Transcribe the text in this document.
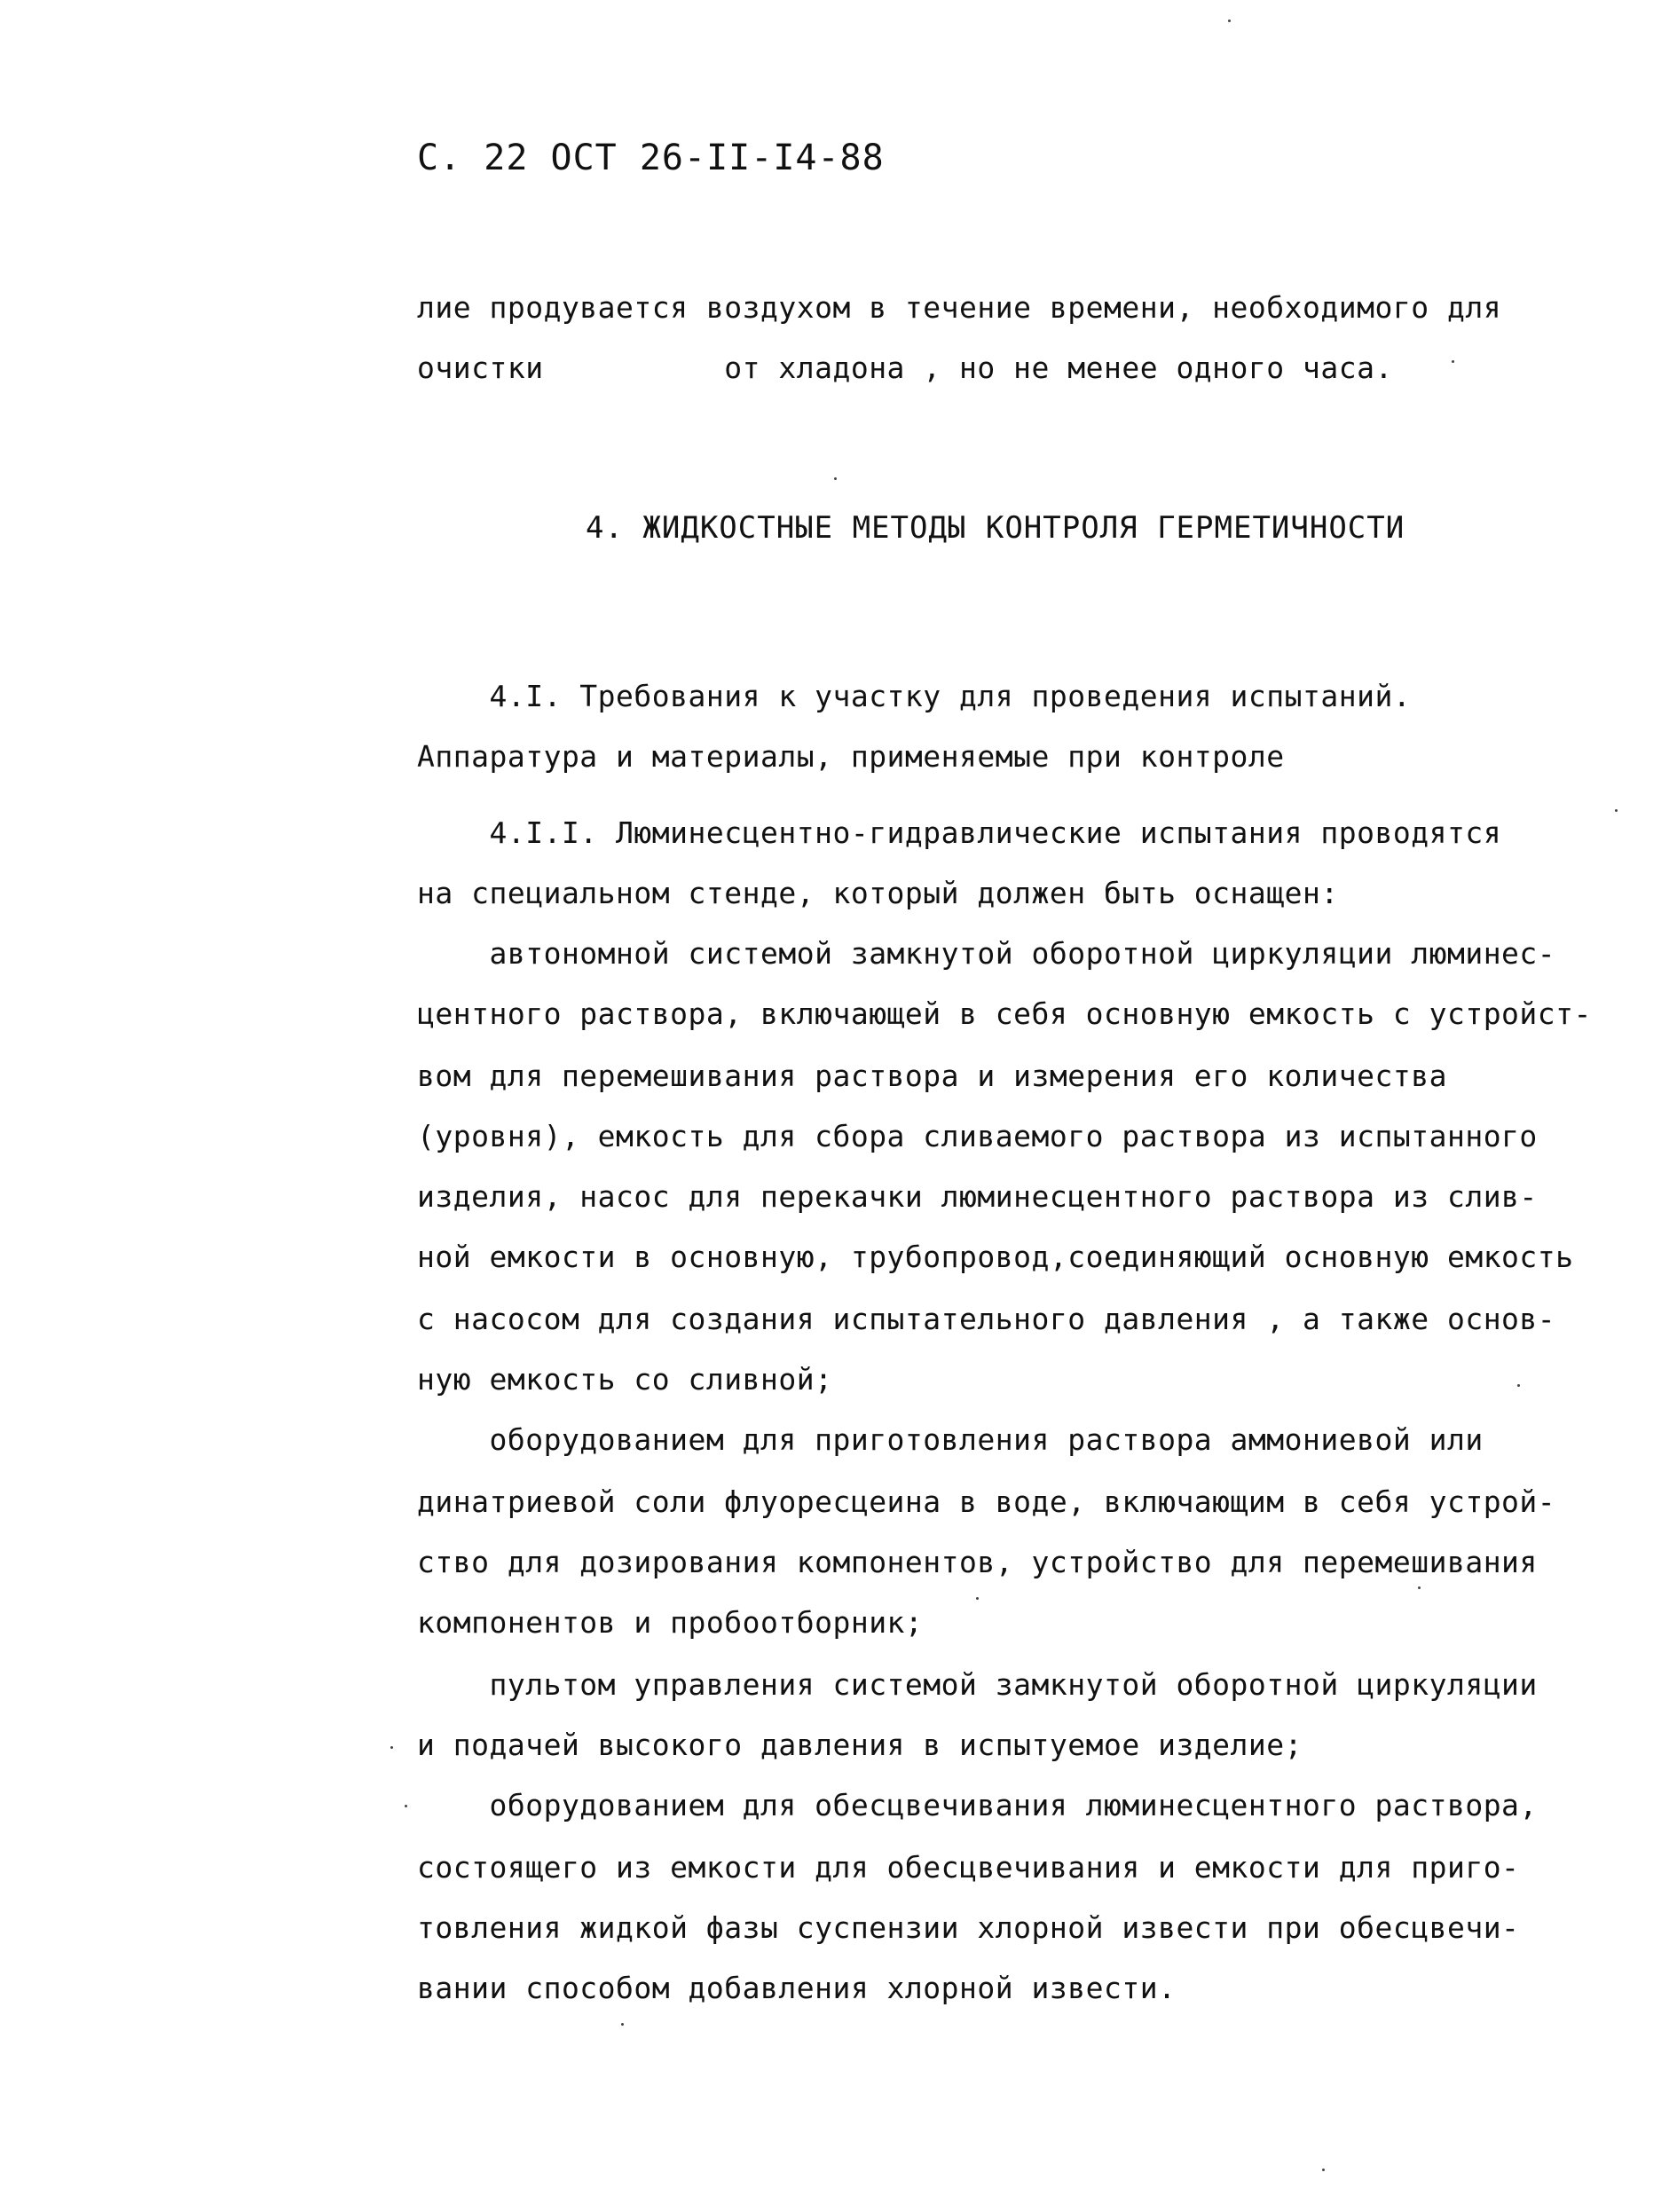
С. 22 ОСТ 26-II-I4-88
лие продувается воздухом в течение времени, необходимого для
очистки          от хладона , но не менее одного часа.
4. ЖИДКОСТНЫЕ МЕТОДЫ КОНТРОЛЯ ГЕРМЕТИЧНОСТИ
4.I. Требования к участку для проведения испытаний.
Аппаратура и материалы, применяемые при контроле
4.I.I. Люминесцентно-гидравлические испытания проводятся
на специальном стенде, который должен быть оснащен:
автономной системой замкнутой оборотной циркуляции люминес-
центного раствора, включающей в себя основную емкость с устройст-
вом для перемешивания раствора и измерения его количества
(уровня), емкость для сбора сливаемого раствора из испытанного
изделия, насос для перекачки люминесцентного раствора из слив-
ной емкости в основную, трубопровод,соединяющий основную емкость
с насосом для создания испытательного давления , а также основ-
ную емкость со сливной;
оборудованием для приготовления раствора аммониевой или
динатриевой соли флуоресцеина в воде, включающим в себя устрой-
ство для дозирования компонентов, устройство для перемешивания
компонентов и пробоотборник;
пультом управления системой замкнутой оборотной циркуляции
и подачей высокого давления в испытуемое изделие;
оборудованием для обесцвечивания люминесцентного раствора,
состоящего из емкости для обесцвечивания и емкости для приго-
товления жидкой фазы суспензии хлорной извести при обесцвечи-
вании способом добавления хлорной извести.
